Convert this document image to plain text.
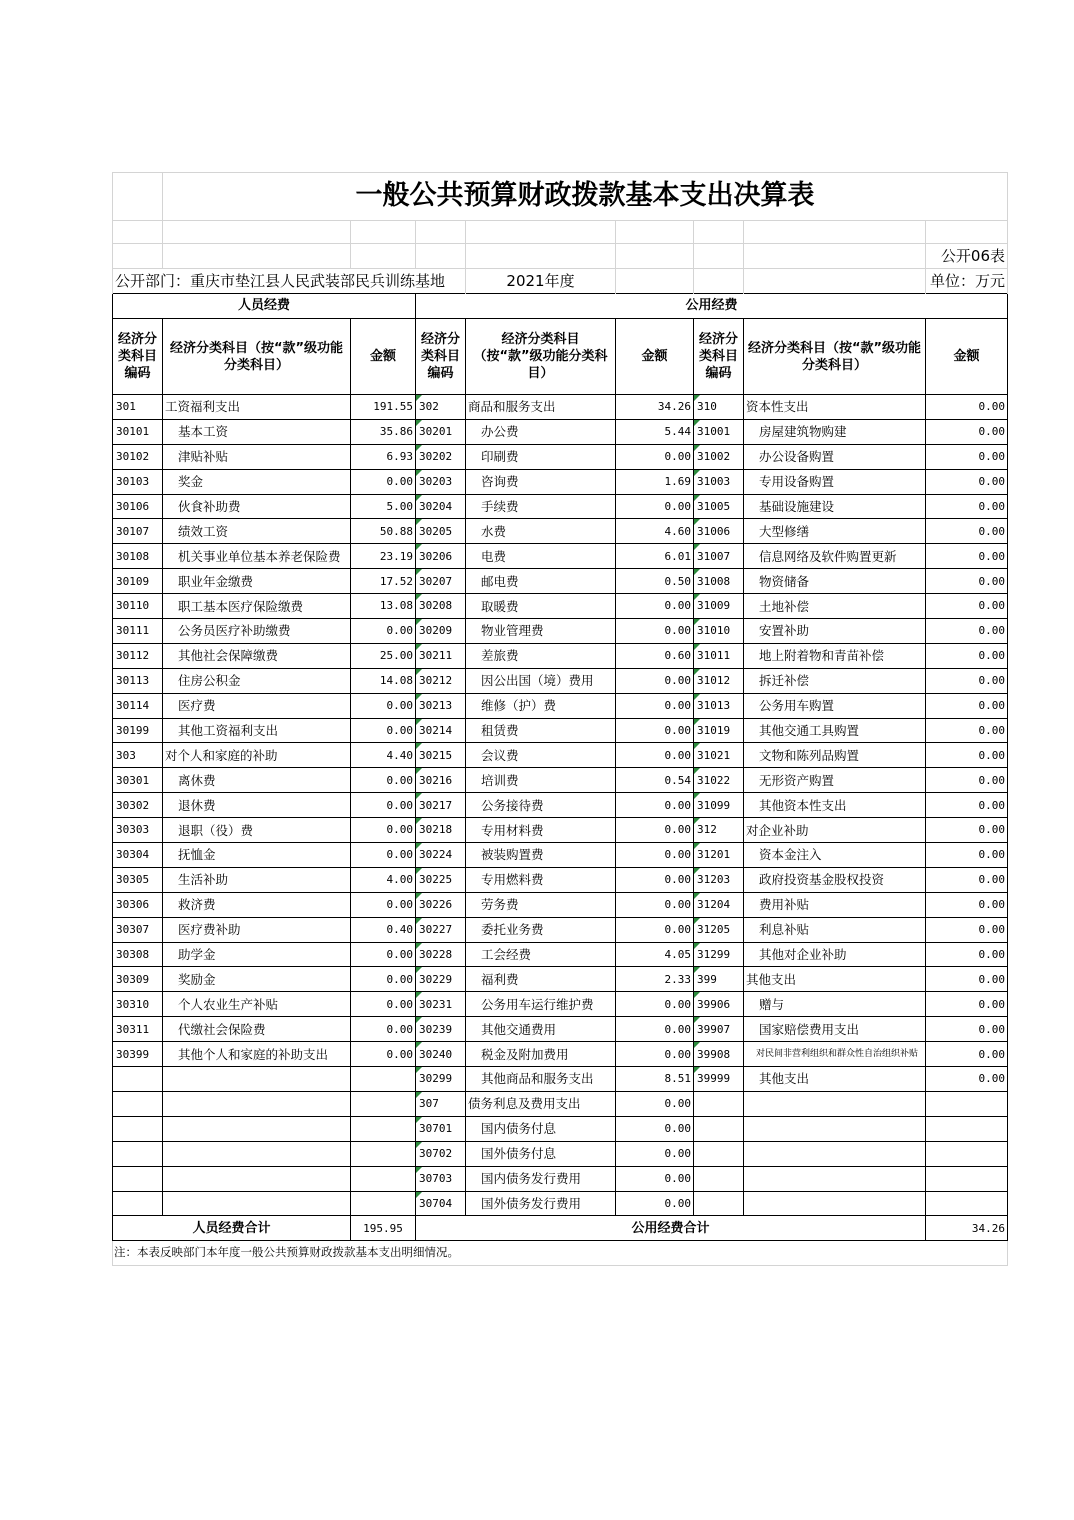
	一般公共预算财政拨款基本支出决算表							

								公开06表
公开部门：重庆市垫江县人民武装部民兵训练基地				2021年度				单位：万元
人员经费			公用经费					
经济分类科目编码	经济分类科目（按“款”级功能分类科目）	金额	经济分类科目编码	经济分类科目（按“款”级功能分类科目）	金额	经济分类科目编码	经济分类科目（按“款”级功能分类科目）	金额
301	工资福利支出	191.55	302	商品和服务支出	34.26	310	资本性支出	0.00
30101	基本工资	35.86	30201	办公费	5.44	31001	房屋建筑物购建	0.00
30102	津贴补贴	6.93	30202	印刷费	0.00	31002	办公设备购置	0.00
30103	奖金	0.00	30203	咨询费	1.69	31003	专用设备购置	0.00
30106	伙食补助费	5.00	30204	手续费	0.00	31005	基础设施建设	0.00
30107	绩效工资	50.88	30205	水费	4.60	31006	大型修缮	0.00
30108	机关事业单位基本养老保险费	23.19	30206	电费	6.01	31007	信息网络及软件购置更新	0.00
30109	职业年金缴费	17.52	30207	邮电费	0.50	31008	物资储备	0.00
30110	职工基本医疗保险缴费	13.08	30208	取暖费	0.00	31009	土地补偿	0.00
30111	公务员医疗补助缴费	0.00	30209	物业管理费	0.00	31010	安置补助	0.00
30112	其他社会保障缴费	25.00	30211	差旅费	0.60	31011	地上附着物和青苗补偿	0.00
30113	住房公积金	14.08	30212	因公出国（境）费用	0.00	31012	拆迁补偿	0.00
30114	医疗费	0.00	30213	维修（护）费	0.00	31013	公务用车购置	0.00
30199	其他工资福利支出	0.00	30214	租赁费	0.00	31019	其他交通工具购置	0.00
303	对个人和家庭的补助	4.40	30215	会议费	0.00	31021	文物和陈列品购置	0.00
30301	离休费	0.00	30216	培训费	0.54	31022	无形资产购置	0.00
30302	退休费	0.00	30217	公务接待费	0.00	31099	其他资本性支出	0.00
30303	退职（役）费	0.00	30218	专用材料费	0.00	312	对企业补助	0.00
30304	抚恤金	0.00	30224	被装购置费	0.00	31201	资本金注入	0.00
30305	生活补助	4.00	30225	专用燃料费	0.00	31203	政府投资基金股权投资	0.00
30306	救济费	0.00	30226	劳务费	0.00	31204	费用补贴	0.00
30307	医疗费补助	0.40	30227	委托业务费	0.00	31205	利息补贴	0.00
30308	助学金	0.00	30228	工会经费	4.05	31299	其他对企业补助	0.00
30309	奖励金	0.00	30229	福利费	2.33	399	其他支出	0.00
30310	个人农业生产补贴	0.00	30231	公务用车运行维护费	0.00	39906	赠与	0.00
30311	代缴社会保险费	0.00	30239	其他交通费用	0.00	39907	国家赔偿费用支出	0.00
30399	其他个人和家庭的补助支出	0.00	30240	税金及附加费用	0.00	39908	对民间非营利组织和群众性自治组织补贴	0.00
			30299	其他商品和服务支出	8.51	39999	其他支出	0.00
			307	债务利息及费用支出	0.00			
			30701	国内债务付息	0.00			
			30702	国外债务付息	0.00			
			30703	国内债务发行费用	0.00			
			30704	国外债务发行费用	0.00			
人员经费合计		195.95	公用经费合计					34.26
注：本表反映部门本年度一般公共预算财政拨款基本支出明细情况。								
